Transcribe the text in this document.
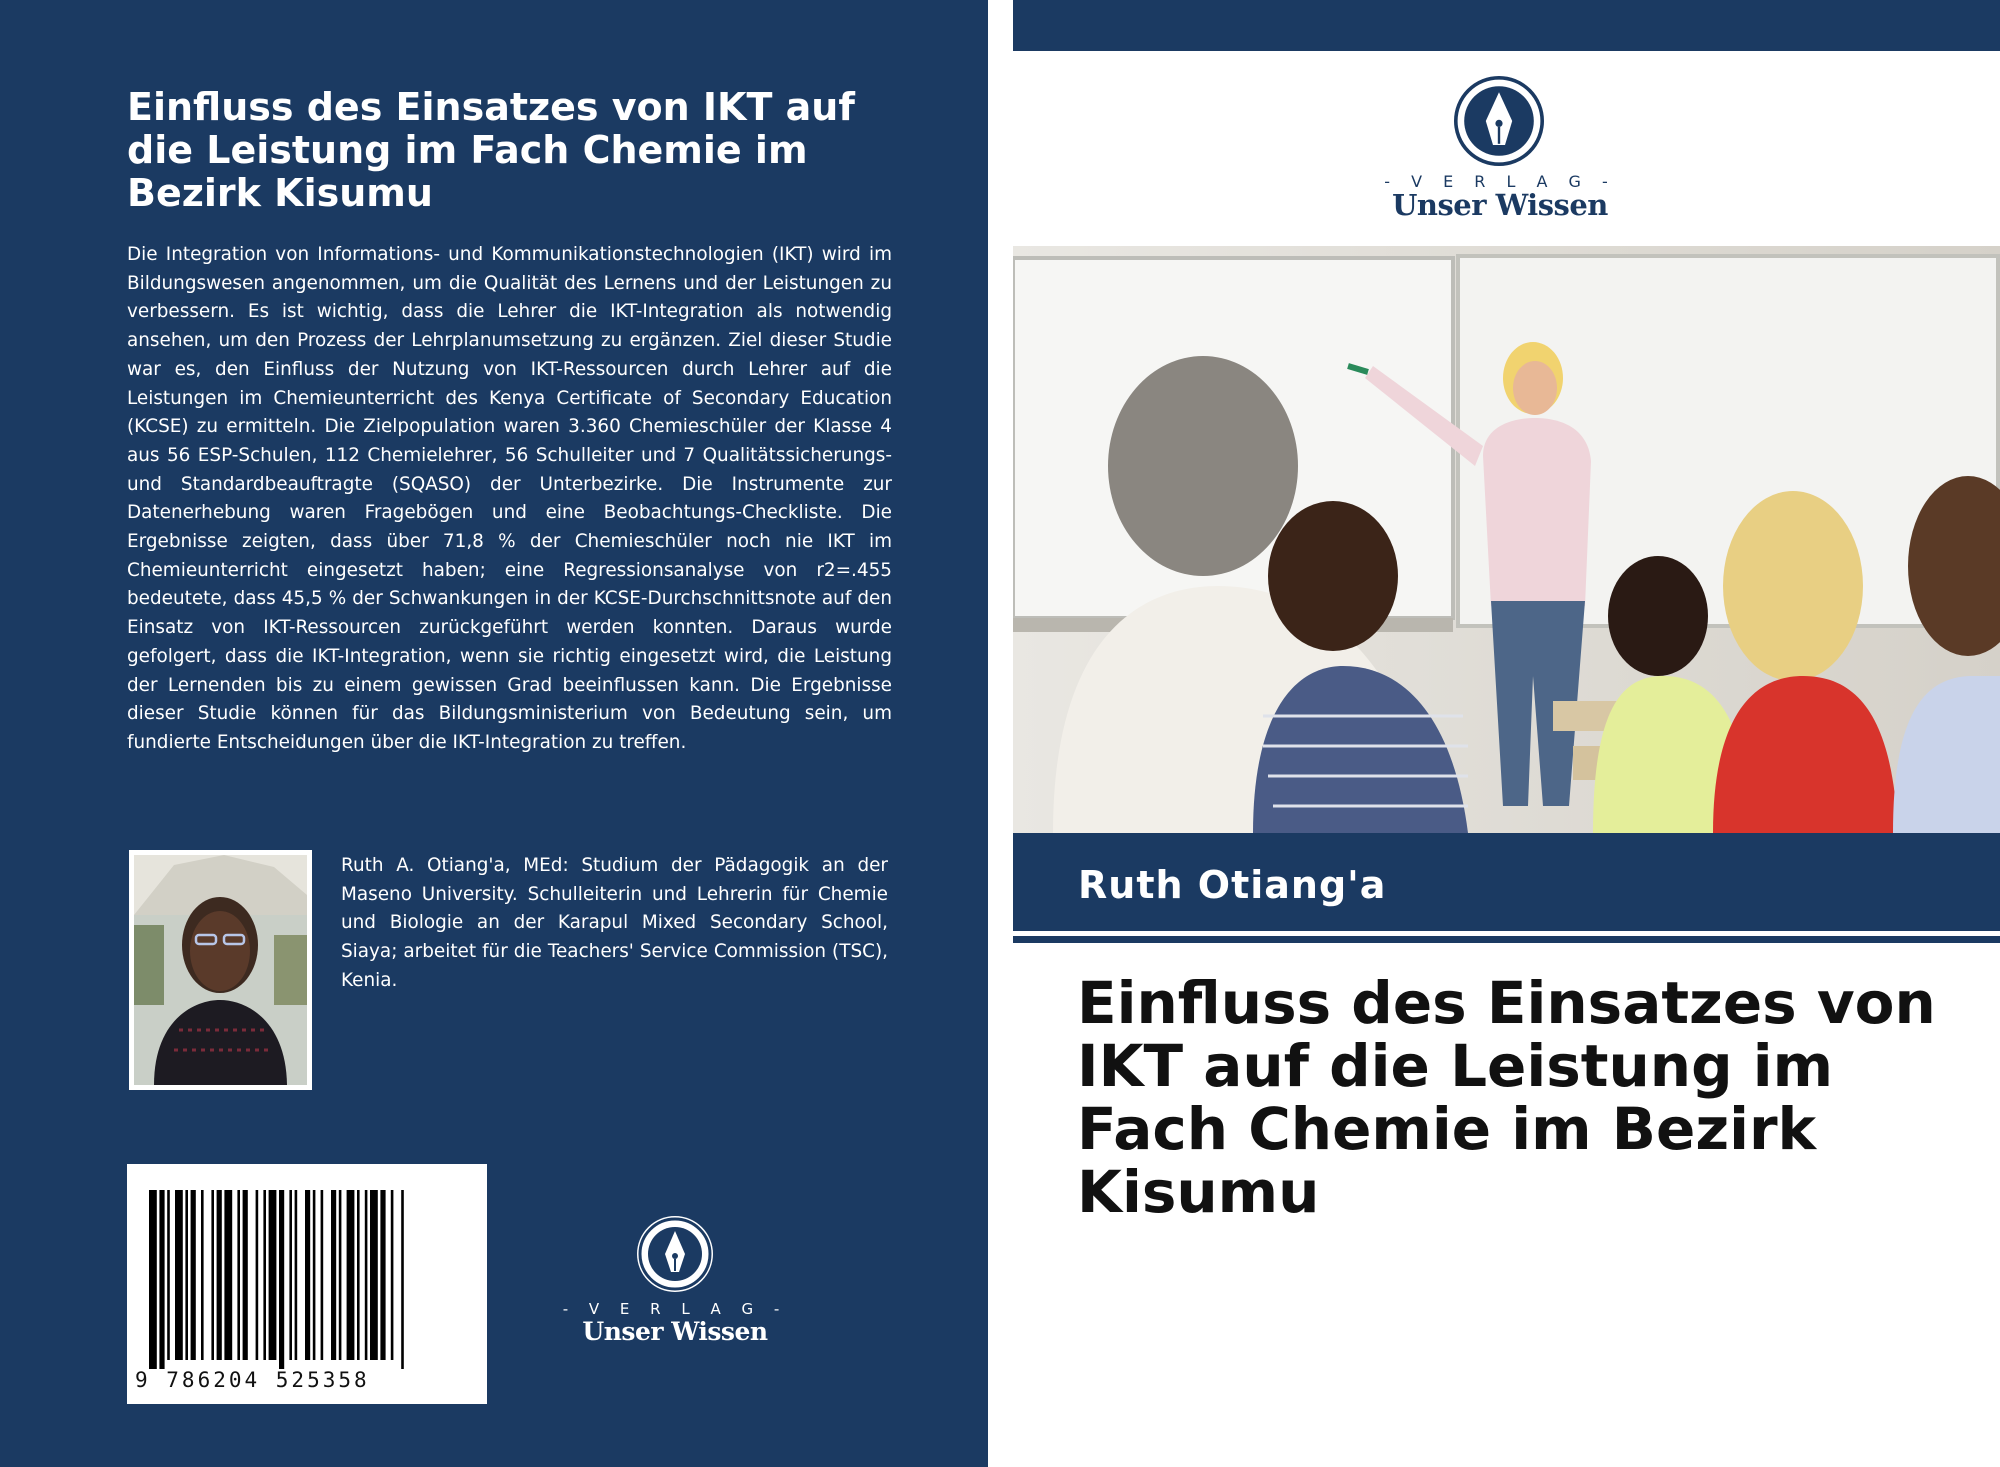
Einfluss des Einsatzes von IKT auf die Leistung im Fach Chemie im Bezirk Kisumu

Die Integration von Informations- und Kommunikationstechnologien (IKT) wird im Bildungswesen angenommen, um die Qualität des Lernens und der Leistungen zu verbessern. Es ist wichtig, dass die Lehrer die IKT-Integration als notwendig ansehen, um den Prozess der Lehrplanumsetzung zu ergänzen. Ziel dieser Studie war es, den Einfluss der Nutzung von IKT-Ressourcen durch Lehrer auf die Leistungen im Chemieunterricht des Kenya Certificate of Secondary Education (KCSE) zu ermitteln. Die Zielpopulation waren 3.360 Chemieschüler der Klasse 4 aus 56 ESP-Schulen, 112 Chemielehrer, 56 Schulleiter und 7 Qualitätssicherungs- und Standardbeauftragte (SQASO) der Unterbezirke. Die Instrumente zur Datenerhebung waren Fragebögen und eine Beobachtungs-Checkliste. Die Ergebnisse zeigten, dass über 71,8 % der Chemieschüler noch nie IKT im Chemieunterricht eingesetzt haben; eine Regressionsanalyse von r2=.455 bedeutete, dass 45,5 % der Schwankungen in der KCSE-Durchschnittsnote auf den Einsatz von IKT-Ressourcen zurückgeführt werden konnten. Daraus wurde gefolgert, dass die IKT-Integration, wenn sie richtig eingesetzt wird, die Leistung der Lernenden bis zu einem gewissen Grad beeinflussen kann. Die Ergebnisse dieser Studie können für das Bildungsministerium von Bedeutung sein, um fundierte Entscheidungen über die IKT-Integration zu treffen.

Ruth A. Otiang'a, MEd: Studium der Pädagogik an der Maseno University. Schulleiterin und Lehrerin für Chemie und Biologie an der Karapul Mixed Secondary School, Siaya; arbeitet für die Teachers' Service Commission (TSC), Kenia.

9 786204 525358
- V E R L A G -
Unser Wissen
- V E R L A G -
Unser Wissen
Ruth Otiang'a
Einfluss des Einsatzes von IKT auf die Leistung im Fach Chemie im Bezirk Kisumu
